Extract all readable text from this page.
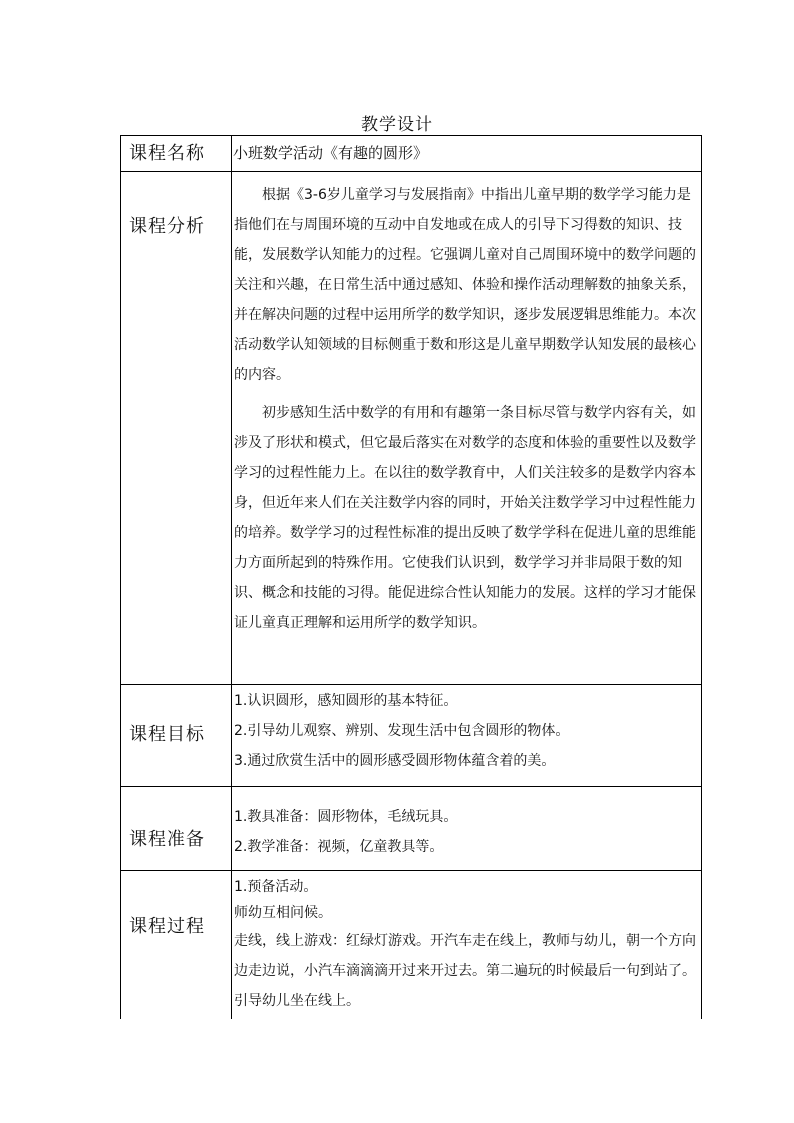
教学设计
课程名称	小班数学活动《有趣的圆形》

课程分析	根据《3-6岁儿童学习与发展指南》中指出儿童早期的数学学习能力是指他们在与周围环境的互动中自发地或在成人的引导下习得数的知识、技能，发展数学认知能力的过程。它强调儿童对自己周围环境中的数学问题的关注和兴趣，在日常生活中通过感知、体验和操作活动理解数的抽象关系，并在解决问题的过程中运用所学的数学知识，逐步发展逻辑思维能力。本次活动数学认知领域的目标侧重于数和形这是儿童早期数学认知发展的最核心的内容。

初步感知生活中数学的有用和有趣第一条目标尽管与数学内容有关，如涉及了形状和模式，但它最后落实在对数学的态度和体验的重要性以及数学学习的过程性能力上。在以往的数学教育中，人们关注较多的是数学内容本身，但近年来人们在关注数学内容的同时，开始关注数学学习中过程性能力的培养。数学学习的过程性标准的提出反映了数学学科在促进儿童的思维能力方面所起到的特殊作用。它使我们认识到，数学学习并非局限于数的知识、概念和技能的习得。能促进综合性认知能力的发展。这样的学习才能保证儿童真正理解和运用所学的数学知识。

课程目标	1.认识圆形，感知圆形的基本特征。

2.引导幼儿观察、辨别、发现生活中包含圆形的物体。

3.通过欣赏生活中的圆形感受圆形物体蕴含着的美。

课程准备	1.教具准备：圆形物体，毛绒玩具。

2.教学准备：视频，亿童教具等。

课程过程	1.预备活动。

师幼互相问候。

走线，线上游戏：红绿灯游戏。开汽车走在线上，教师与幼儿，朝一个方向边走边说，小汽车滴滴滴开过来开过去。第二遍玩的时候最后一句到站了。引导幼儿坐在线上。
